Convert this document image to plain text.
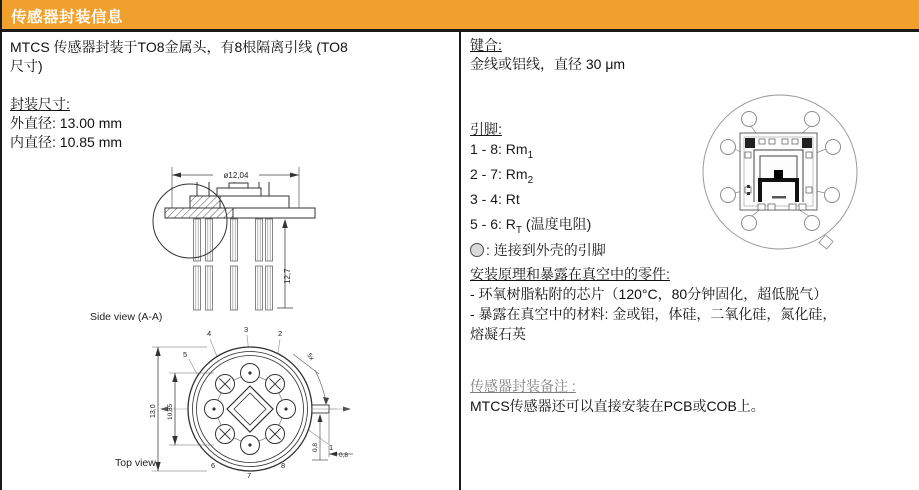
传感器封装信息
MTCS 传感器封装于TO8金属头，有8根隔离引线 (TO8
尺寸)
封装尺寸:
外直径: 13.00 mm
内直径: 10.85 mm
ø12,04
12,7
Side view (A-A)
4	3	2
5
6
7
8
1
13,0 10,85
0,8
0,8
5x
Top view
键合:
金线或铝线，直径 30 μm
引脚:
1 - 8: $Rm_1$
2 - 7: $Rm_2$
3 - 4: Rt
5 - 6: $R_T$ (温度电阻)
: 连接到外壳的引脚
安装原理和暴露在真空中的零件:
- 环氧树脂粘附的芯片（120°C，80分钟固化，超低脱气）
- 暴露在真空中的材料: 金或铝，体硅，二氧化硅，氮化硅，
熔凝石英
传感器封装备注 :
MTCS传感器还可以直接安装在PCB或COB上。
